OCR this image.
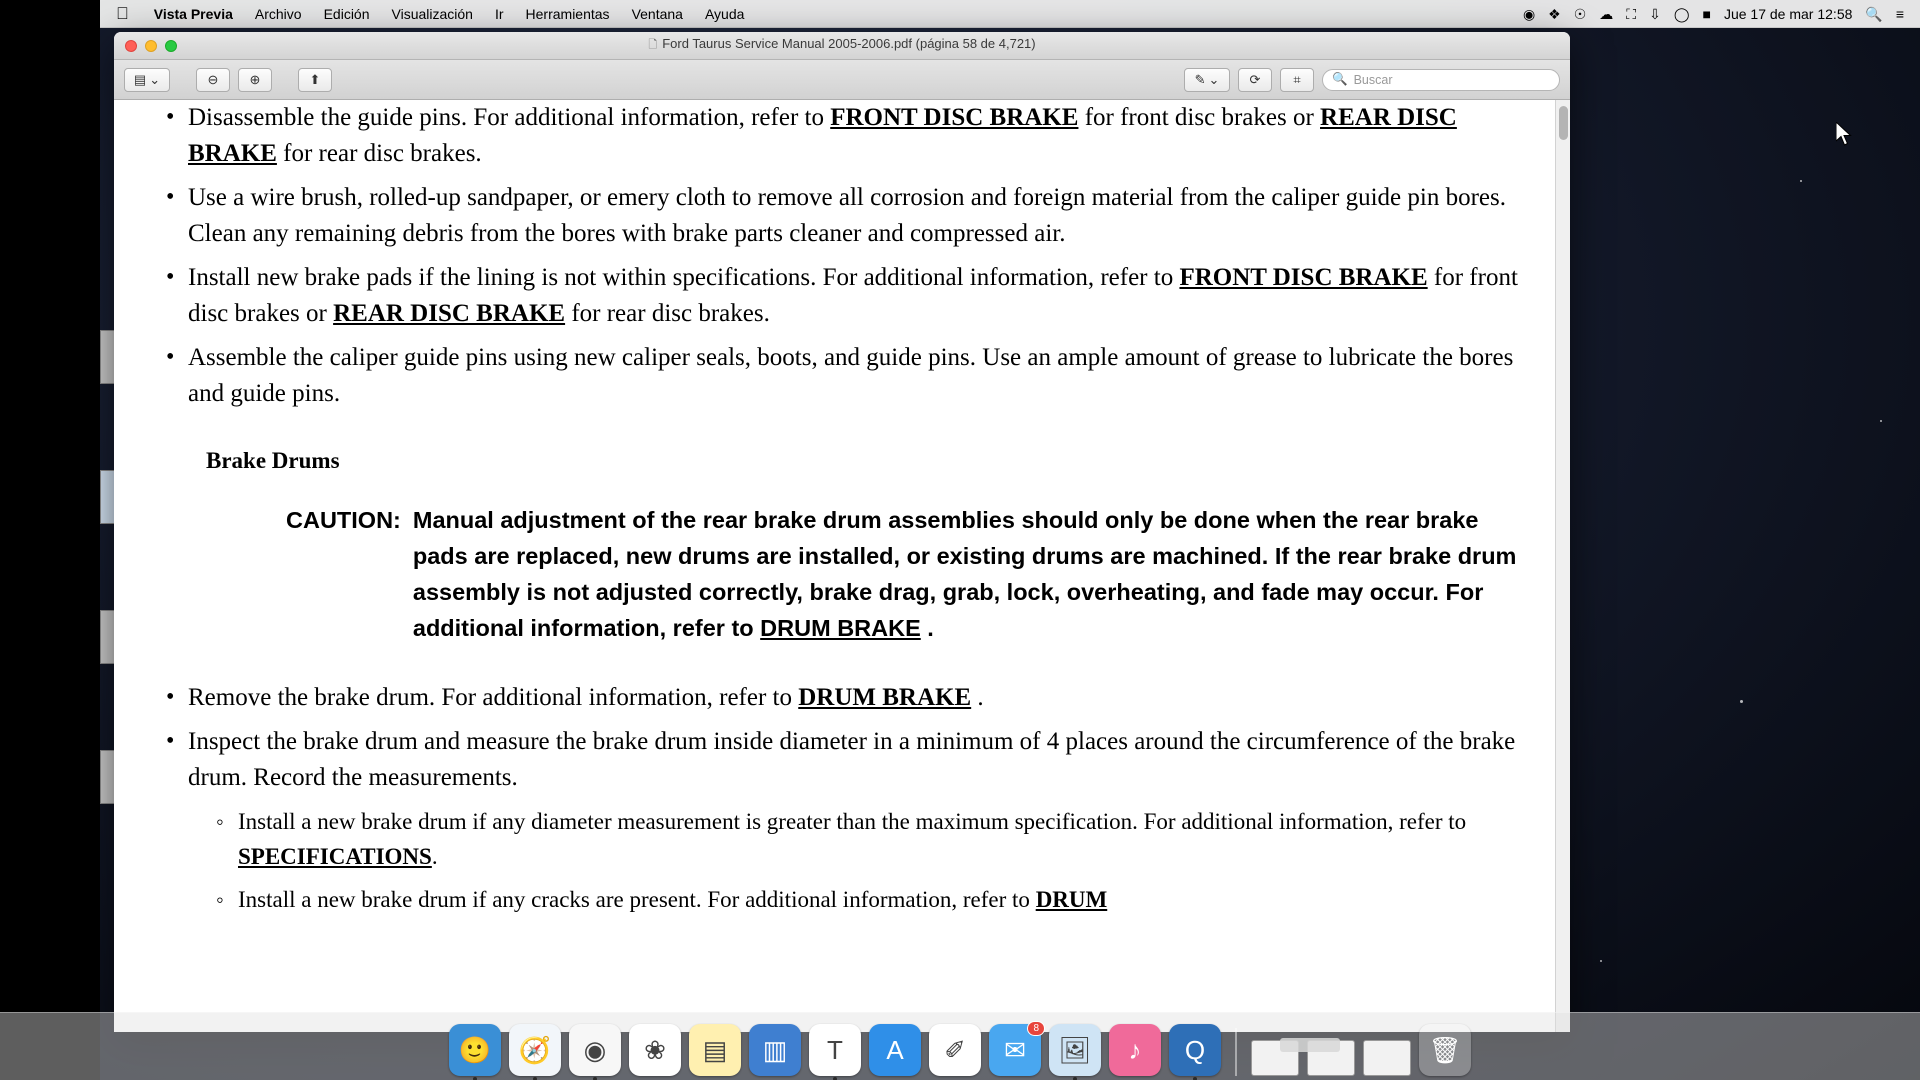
Vista Previa	Archivo	Edición	Visualización	Ir	Herramientas	Ventana	Ayuda	◉ ❖ ☉ ☁ ⛶ ⇩ ◯ ■ Jue 17 de mar 12:58 🔍 ≡
🗋 Ford Taurus Service Manual 2005-2006.pdf (página 58 de 4,721)
▤ ⌄	⊖ ⊕	⬆	✎ ⌄ ⟳	⌗	🔍 Buscar
• Disassemble the guide pins. For additional information, refer to FRONT DISC BRAKE for front disc brakes or REAR DISC BRAKE for rear disc brakes.
• Use a wire brush, rolled-up sandpaper, or emery cloth to remove all corrosion and foreign material from the caliper guide pin bores. Clean any remaining debris from the bores with brake parts cleaner and compressed air.
• Install new brake pads if the lining is not within specifications. For additional information, refer to FRONT DISC BRAKE for front disc brakes or REAR DISC BRAKE for rear disc brakes.
• Assemble the caliper guide pins using new caliper seals, boots, and guide pins. Use an ample amount of grease to lubricate the bores and guide pins.
Brake Drums
CAUTION: Manual adjustment of the rear brake drum assemblies should only be done when the rear brake pads are replaced, new drums are installed, or existing drums are machined. If the rear brake drum assembly is not adjusted correctly, brake drag, grab, lock, overheating, and fade may occur. For additional information, refer to DRUM BRAKE .
• Remove the brake drum. For additional information, refer to DRUM BRAKE .
• Inspect the brake drum and measure the brake drum inside diameter in a minimum of 4 places around the circumference of the brake drum. Record the measurements.
◦ Install a new brake drum if any diameter measurement is greater than the maximum specification. For additional information, refer to SPECIFICATIONS.
◦ Install a new brake drum if any cracks are present. For additional information, refer to DRUM
🙂 🧭 ◉ ❀ ▤ ▥ T A ✐ ✉
8
🖼 ♪ Q	🗑
